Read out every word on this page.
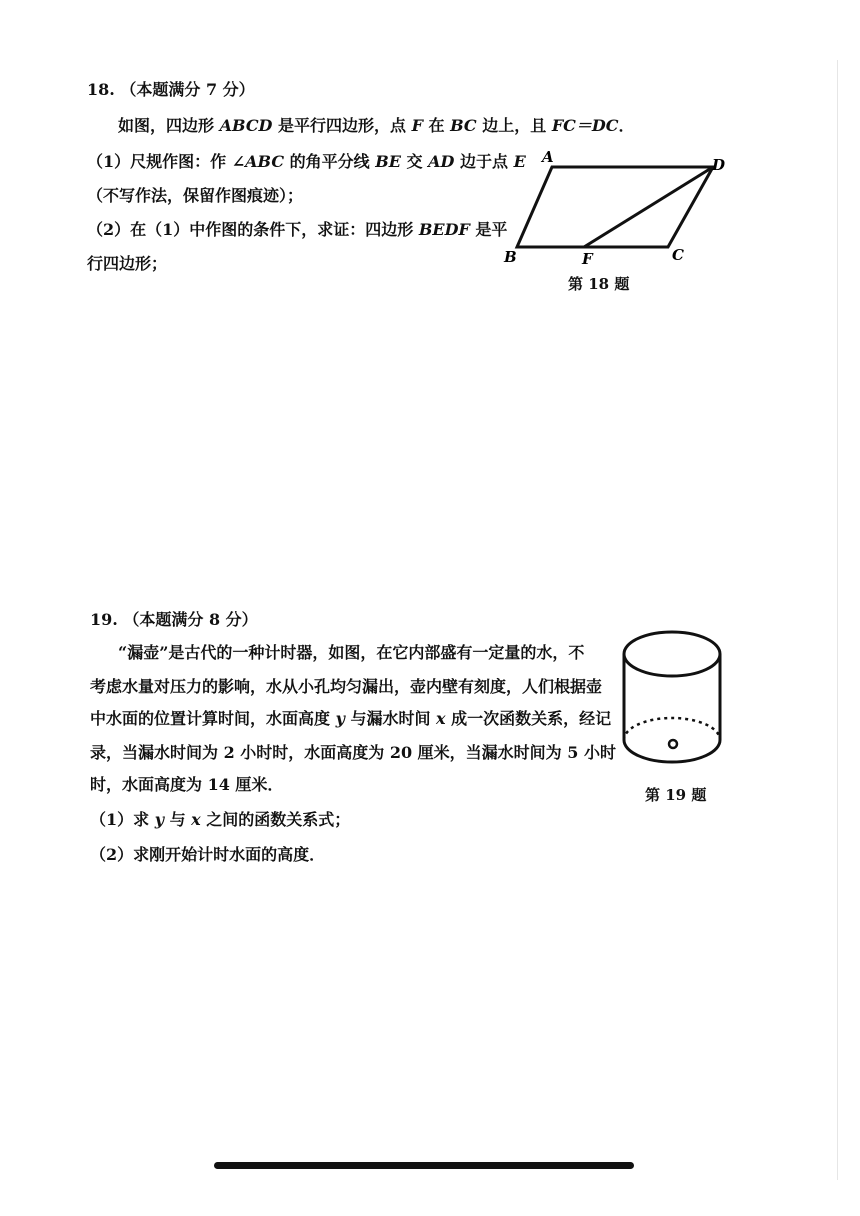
18. （本题满分 7 分）
如图，四边形 ABCD 是平行四边形，点 F 在 BC 边上，且 FC＝DC．
（1）尺规作图：作 ∠ABC 的角平分线 BE 交 AD 边于点 E
（不写作法，保留作图痕迹）；
（2）在（1）中作图的条件下，求证：四边形 BEDF 是平
行四边形；
A	D
B	F	C
第 18 题
19. （本题满分 8 分）
“漏壶”是古代的一种计时器，如图，在它内部盛有一定量的水，不
考虑水量对压力的影响，水从小孔均匀漏出，壶内壁有刻度，人们根据壶
中水面的位置计算时间，水面高度 y 与漏水时间 x 成一次函数关系，经记
录，当漏水时间为 2 小时时，水面高度为 20 厘米，当漏水时间为 5 小时
时，水面高度为 14 厘米．
（1）求 y 与 x 之间的函数关系式；
（2）求刚开始计时水面的高度．
第 19 题
